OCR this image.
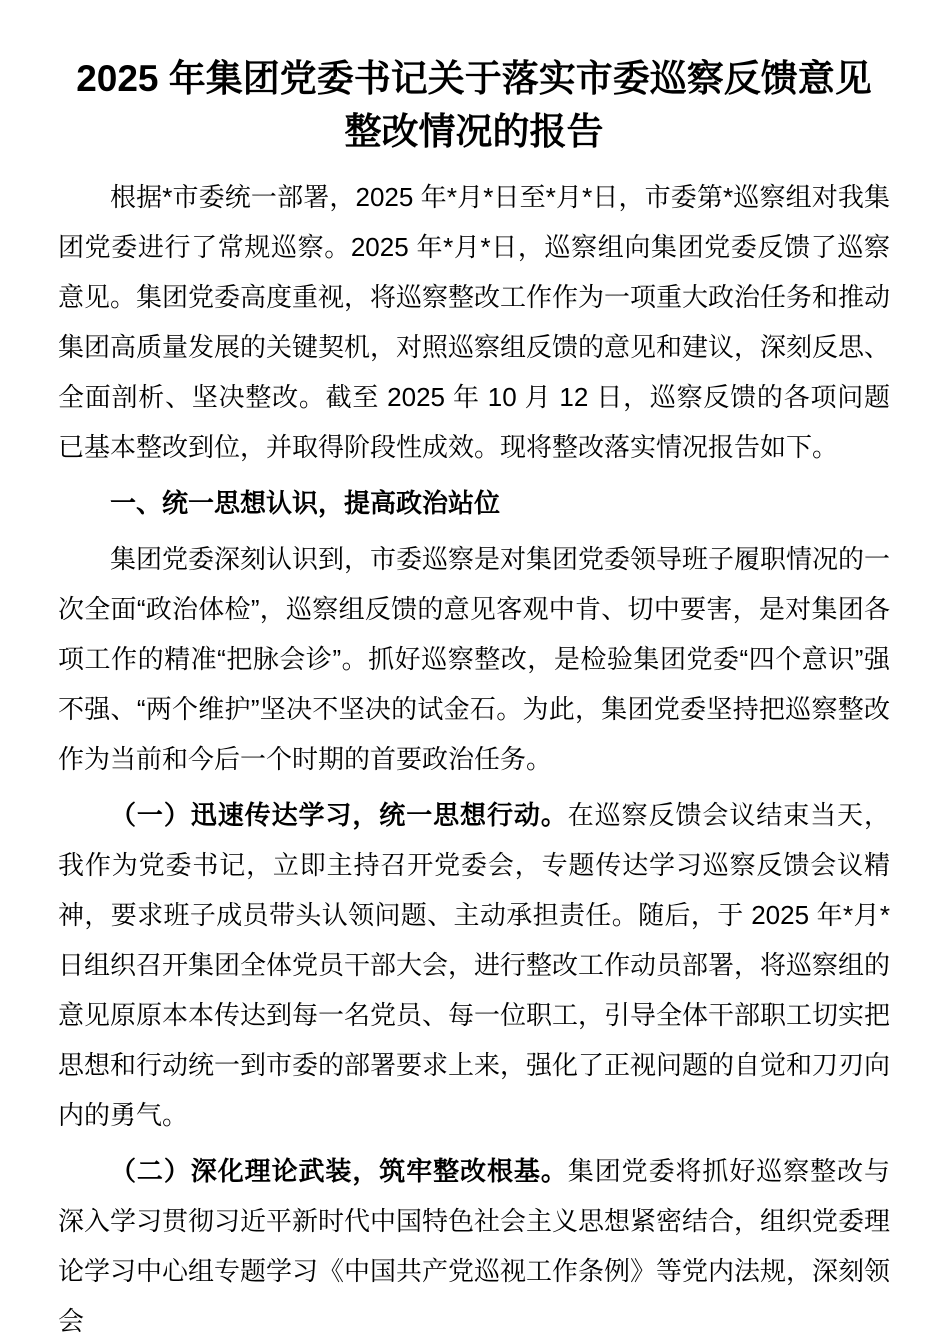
2025 年集团党委书记关于落实市委巡察反馈意见整改情况的报告

根据*市委统一部署，2025 年*月*日至*月*日，市委第*巡察组对我集团党委进行了常规巡察。2025 年*月*日，巡察组向集团党委反馈了巡察意见。集团党委高度重视，将巡察整改工作作为一项重大政治任务和推动集团高质量发展的关键契机，对照巡察组反馈的意见和建议，深刻反思、全面剖析、坚决整改。截至 2025 年 10 月 12 日，巡察反馈的各项问题已基本整改到位，并取得阶段性成效。现将整改落实情况报告如下。

一、统一思想认识，提高政治站位

集团党委深刻认识到，市委巡察是对集团党委领导班子履职情况的一次全面“政治体检”，巡察组反馈的意见客观中肯、切中要害，是对集团各项工作的精准“把脉会诊”。抓好巡察整改，是检验集团党委“四个意识”强不强、“两个维护”坚决不坚决的试金石。为此，集团党委坚持把巡察整改作为当前和今后一个时期的首要政治任务。

（一）迅速传达学习，统一思想行动。在巡察反馈会议结束当天，我作为党委书记，立即主持召开党委会，专题传达学习巡察反馈会议精神，要求班子成员带头认领问题、主动承担责任。随后，于 2025 年*月*日组织召开集团全体党员干部大会，进行整改工作动员部署，将巡察组的意见原原本本传达到每一名党员、每一位职工，引导全体干部职工切实把思想和行动统一到市委的部署要求上来，强化了正视问题的自觉和刀刃向内的勇气。

（二）深化理论武装，筑牢整改根基。集团党委将抓好巡察整改与深入学习贯彻习近平新时代中国特色社会主义思想紧密结合，组织党委理论学习中心组专题学习《中国共产党巡视工作条例》等党内法规，深刻领会
